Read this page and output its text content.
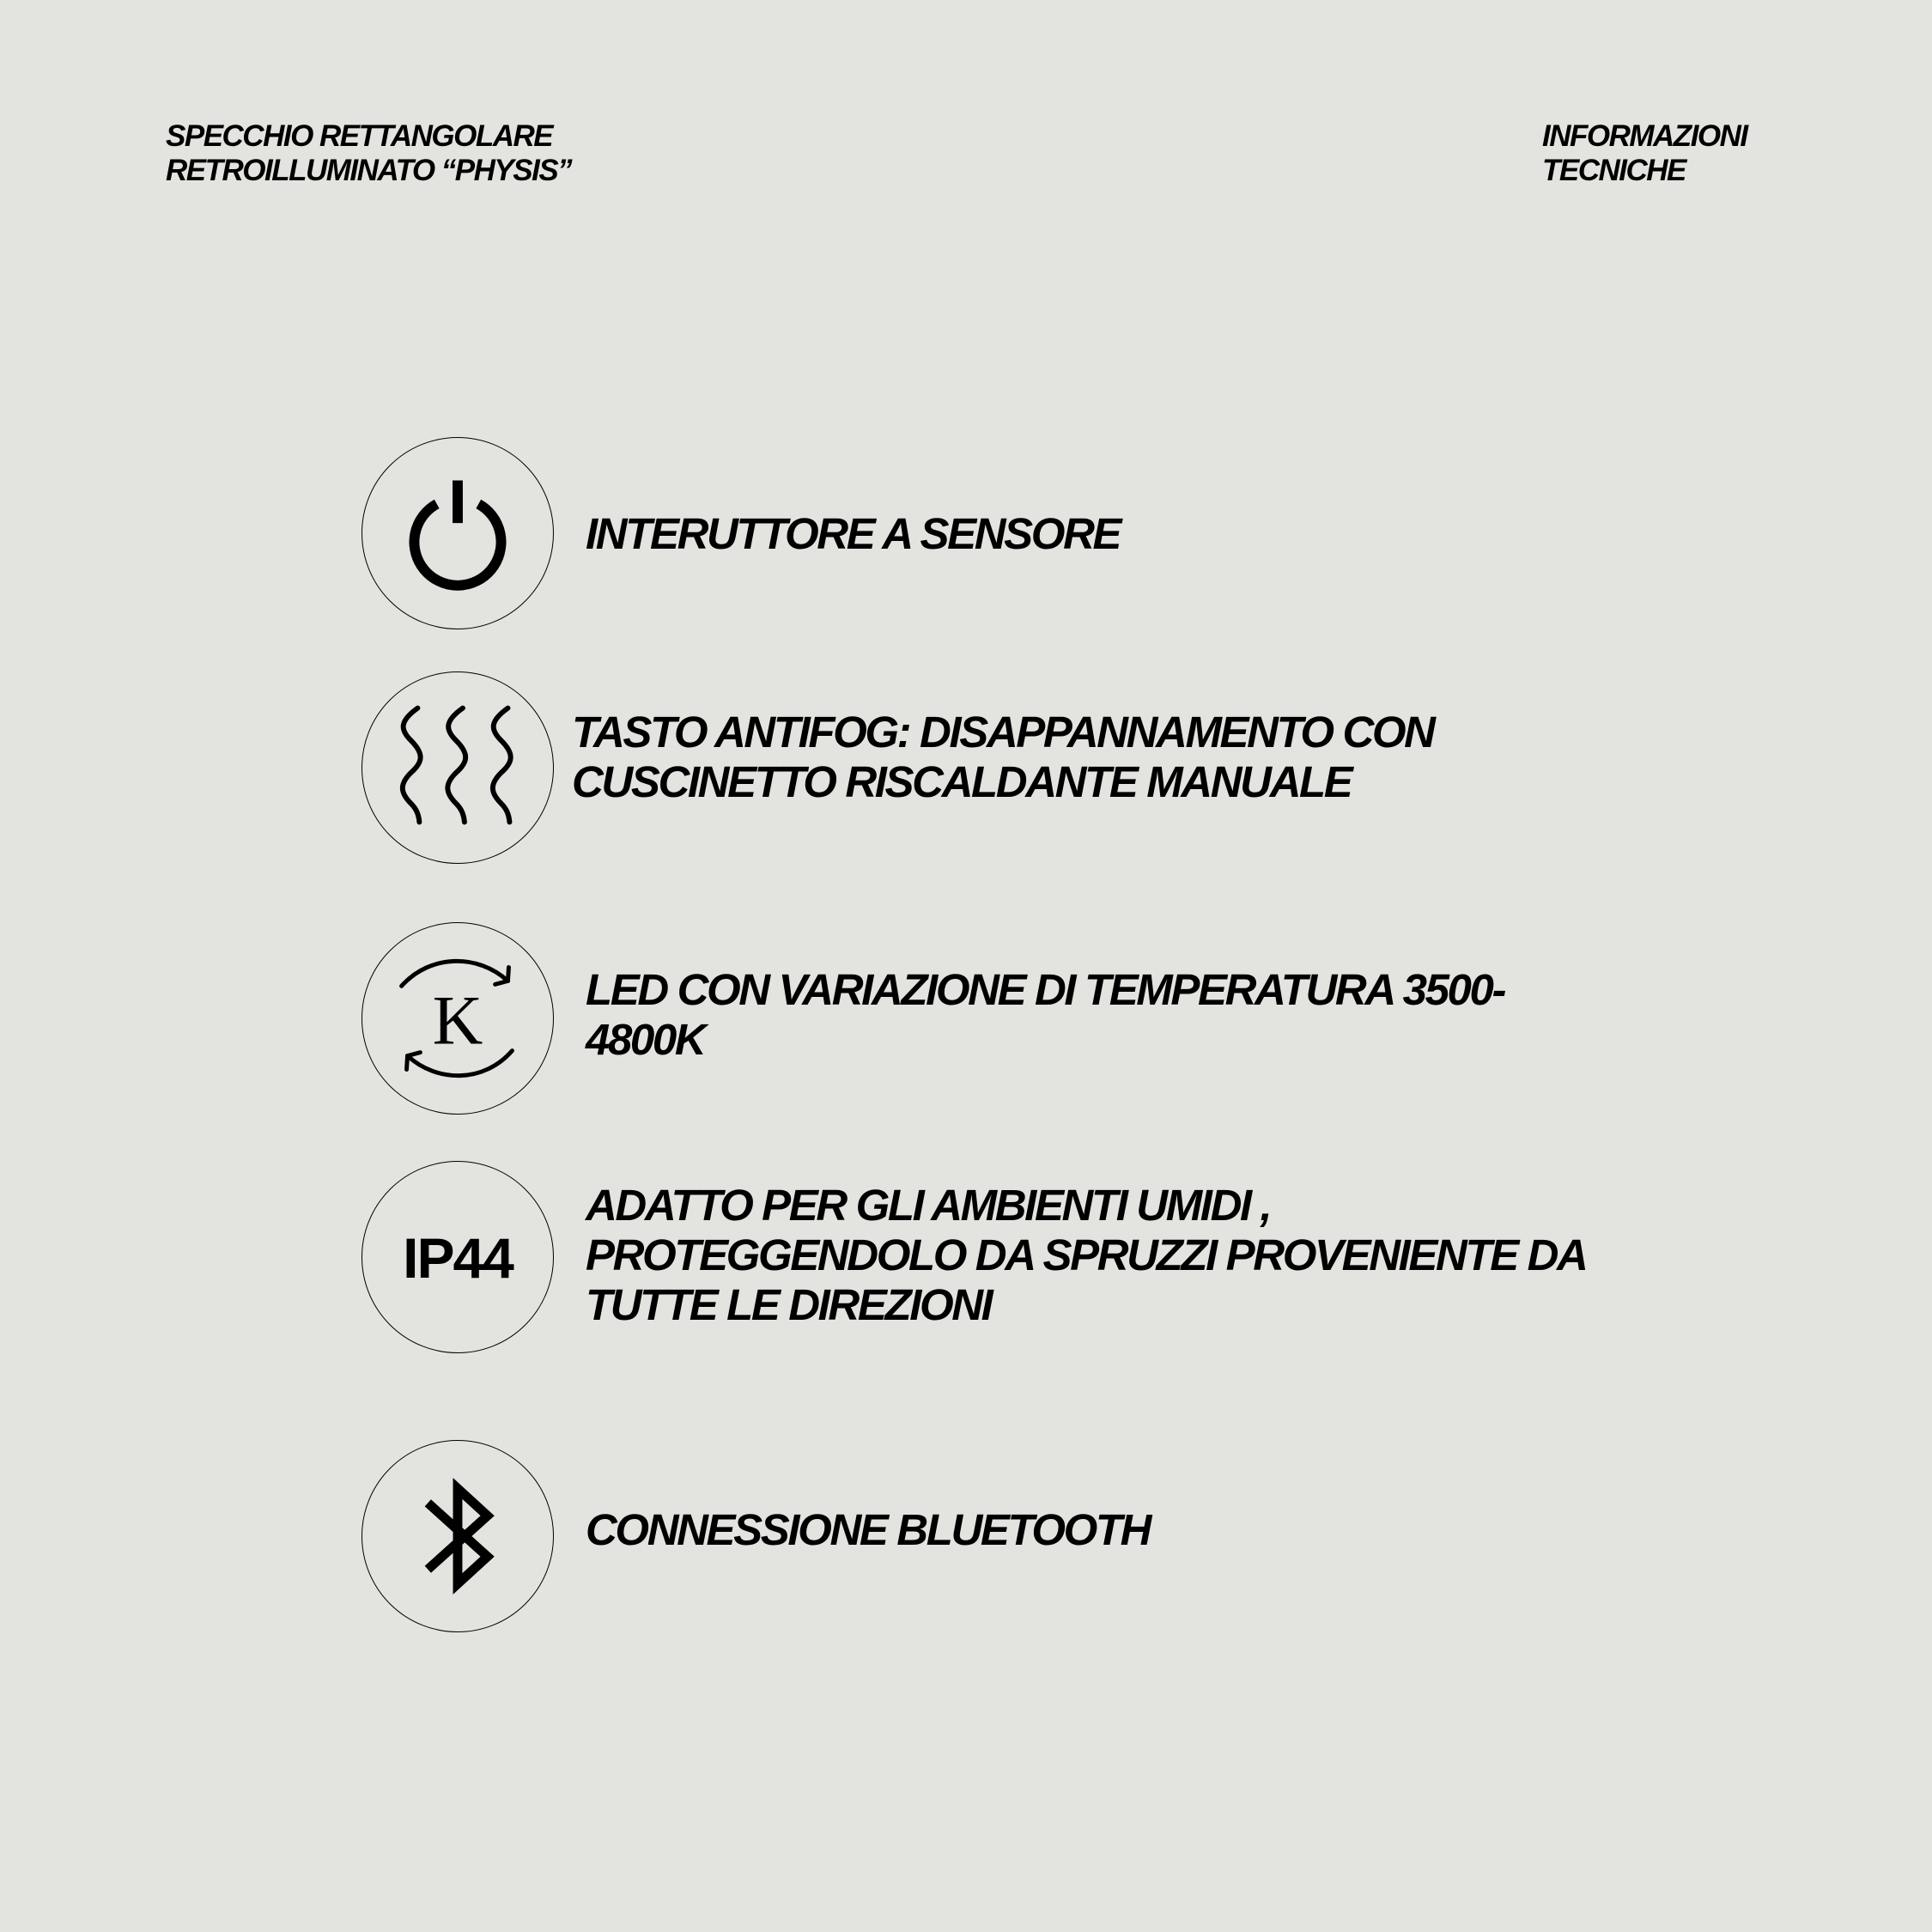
SPECCHIO RETTANGOLARE
RETROILLUMINATO “PHYSIS”
INFORMAZIONI
TECNICHE
INTERUTTORE A SENSORE
TASTO ANTIFOG: DISAPPANNAMENTO CON
CUSCINETTO RISCALDANTE MANUALE
K LED CON VARIAZIONE DI TEMPERATURA 3500-
4800K
IP44
ADATTO PER GLI AMBIENTI UMIDI ,
PROTEGGENDOLO DA SPRUZZI PROVENIENTE DA
TUTTE LE DIREZIONI
CONNESSIONE BLUETOOTH
